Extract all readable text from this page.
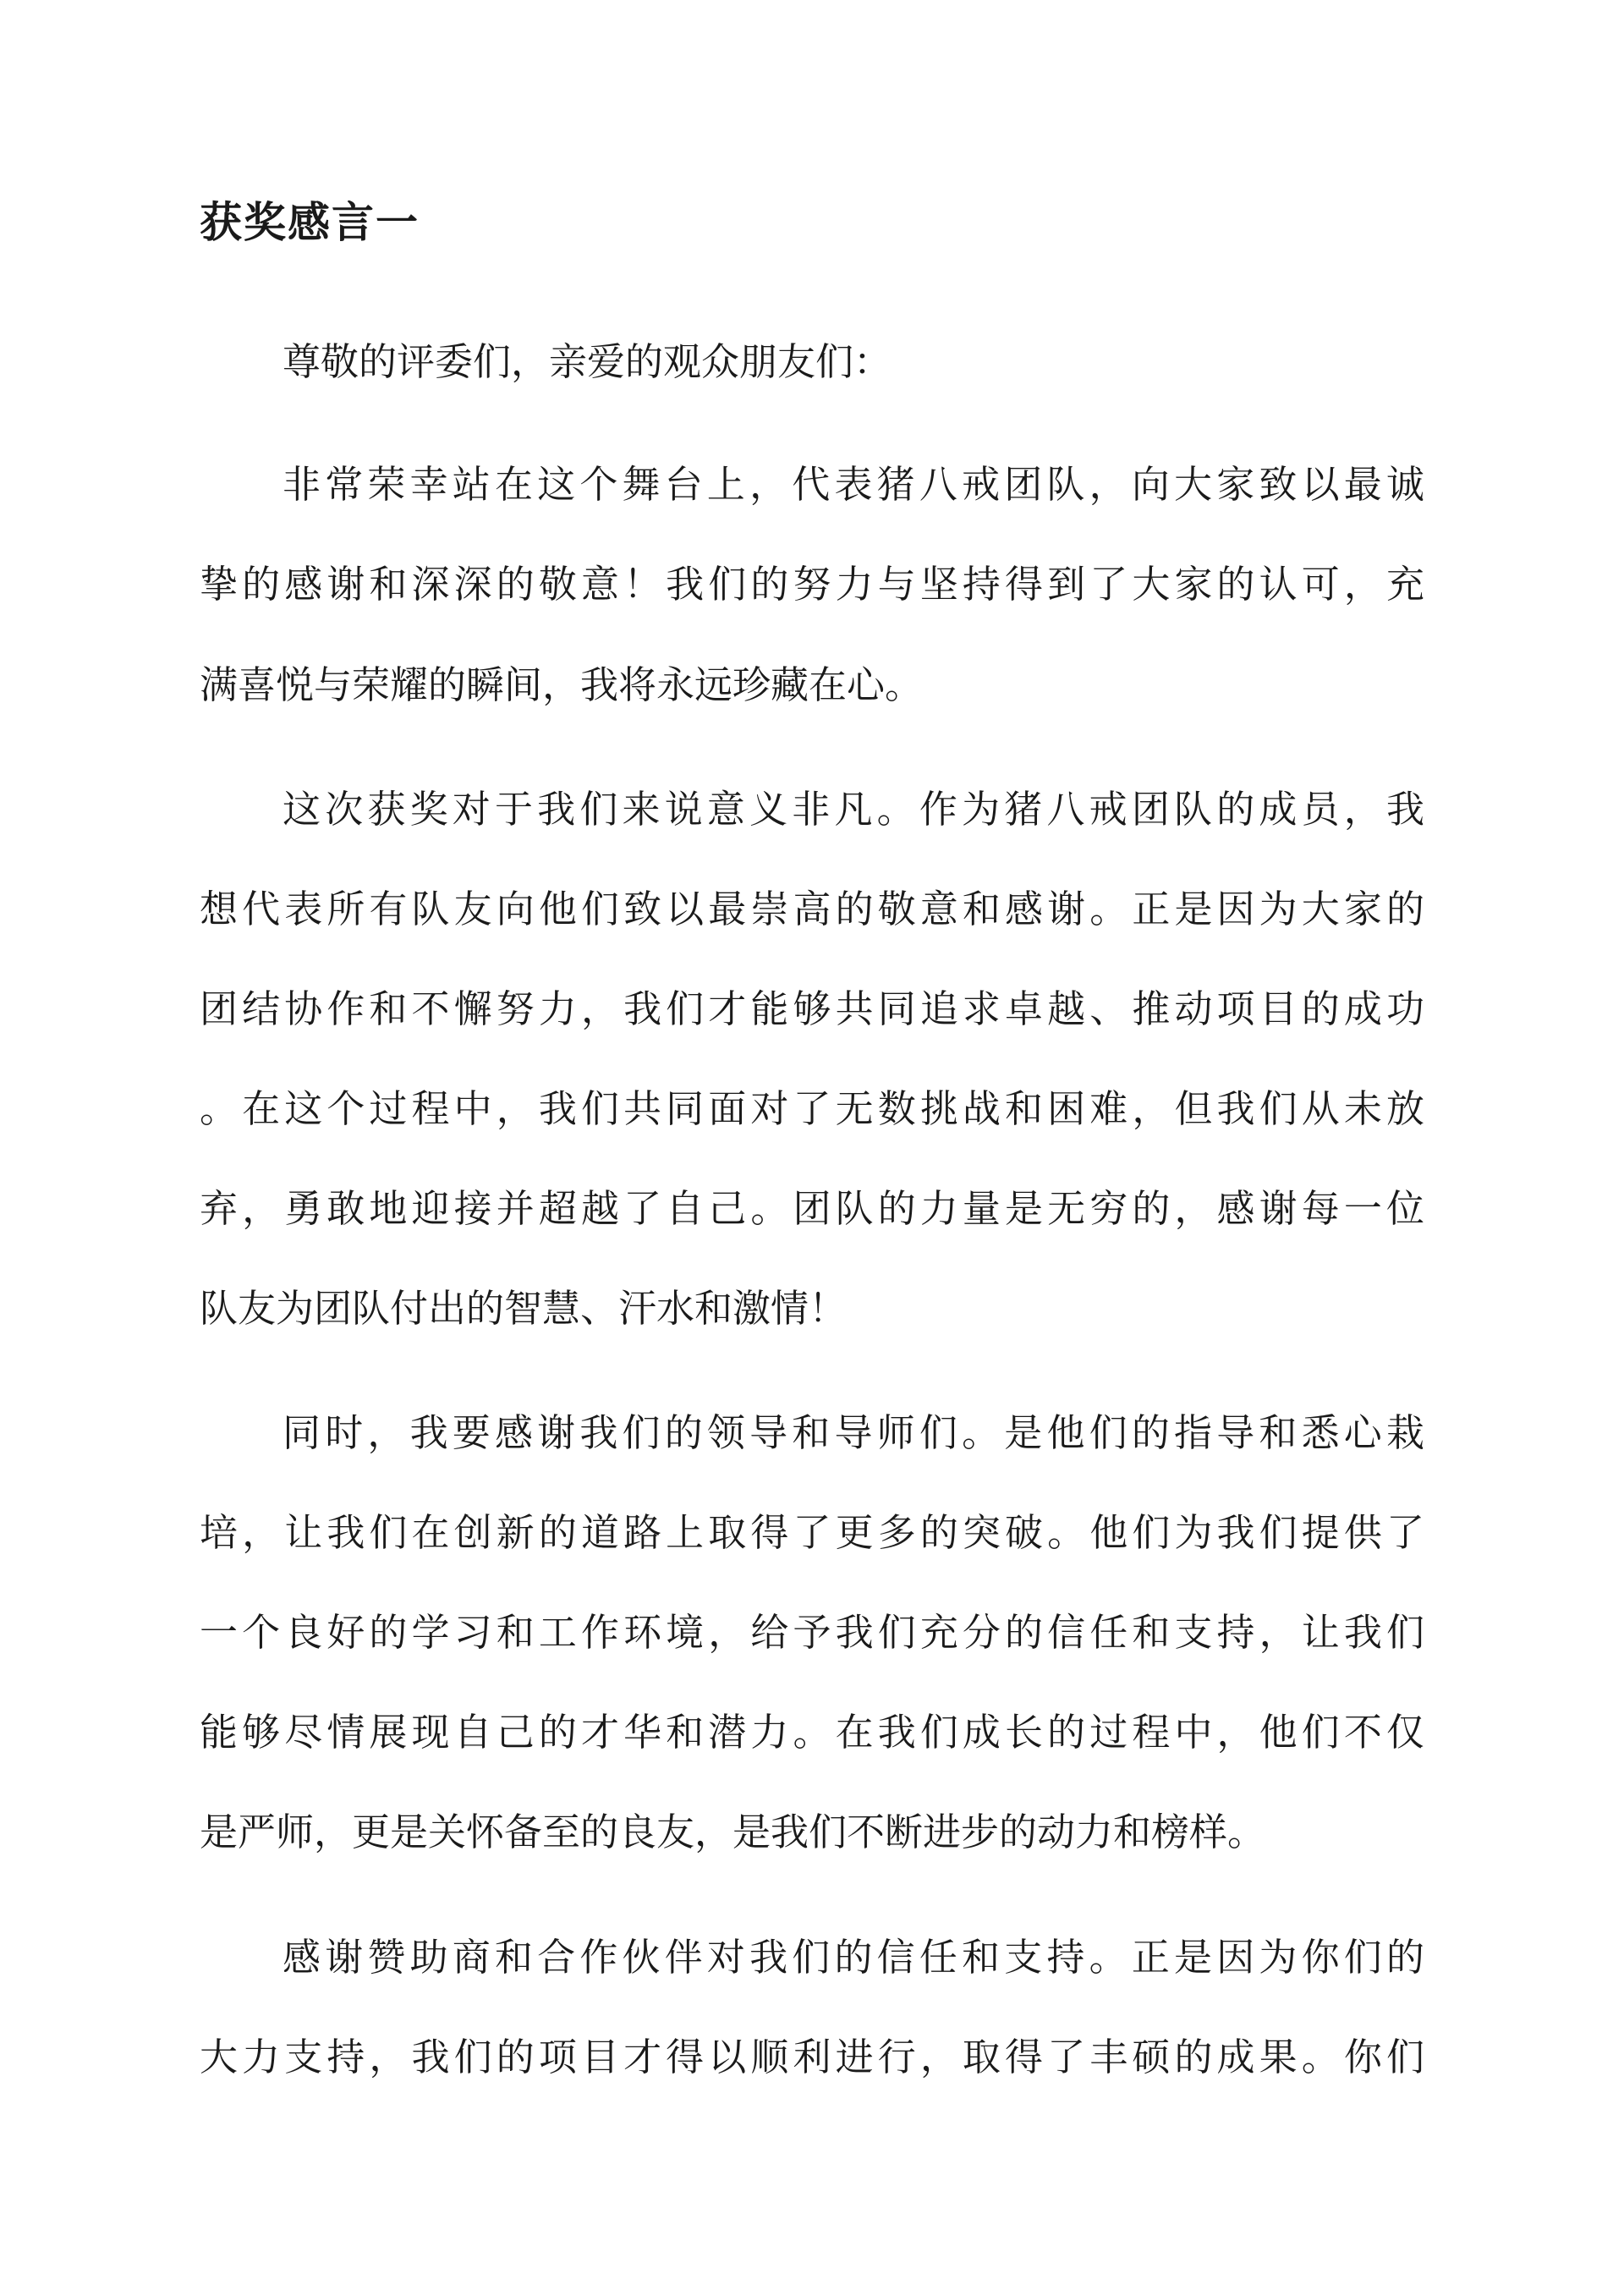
获奖感言一

尊敬的评委们，亲爱的观众朋友们：

非常荣幸站在这个舞台上，代表猪八戒团队，向大家致以最诚

挚的感谢和深深的敬意！我们的努力与坚持得到了大家的认可，充

满喜悦与荣耀的瞬间，我将永远珍藏在心。

这次获奖对于我们来说意义非凡。作为猪八戒团队的成员，我

想代表所有队友向他们致以最崇高的敬意和感谢。正是因为大家的

团结协作和不懈努力，我们才能够共同追求卓越、推动项目的成功

。在这个过程中，我们共同面对了无数挑战和困难，但我们从未放

弃，勇敢地迎接并超越了自己。团队的力量是无穷的，感谢每一位

队友为团队付出的智慧、汗水和激情！

同时，我要感谢我们的领导和导师们。是他们的指导和悉心栽

培，让我们在创新的道路上取得了更多的突破。他们为我们提供了

一个良好的学习和工作环境，给予我们充分的信任和支持，让我们

能够尽情展现自己的才华和潜力。在我们成长的过程中，他们不仅

是严师，更是关怀备至的良友，是我们不断进步的动力和榜样。

感谢赞助商和合作伙伴对我们的信任和支持。正是因为你们的

大力支持，我们的项目才得以顺利进行，取得了丰硕的成果。你们
